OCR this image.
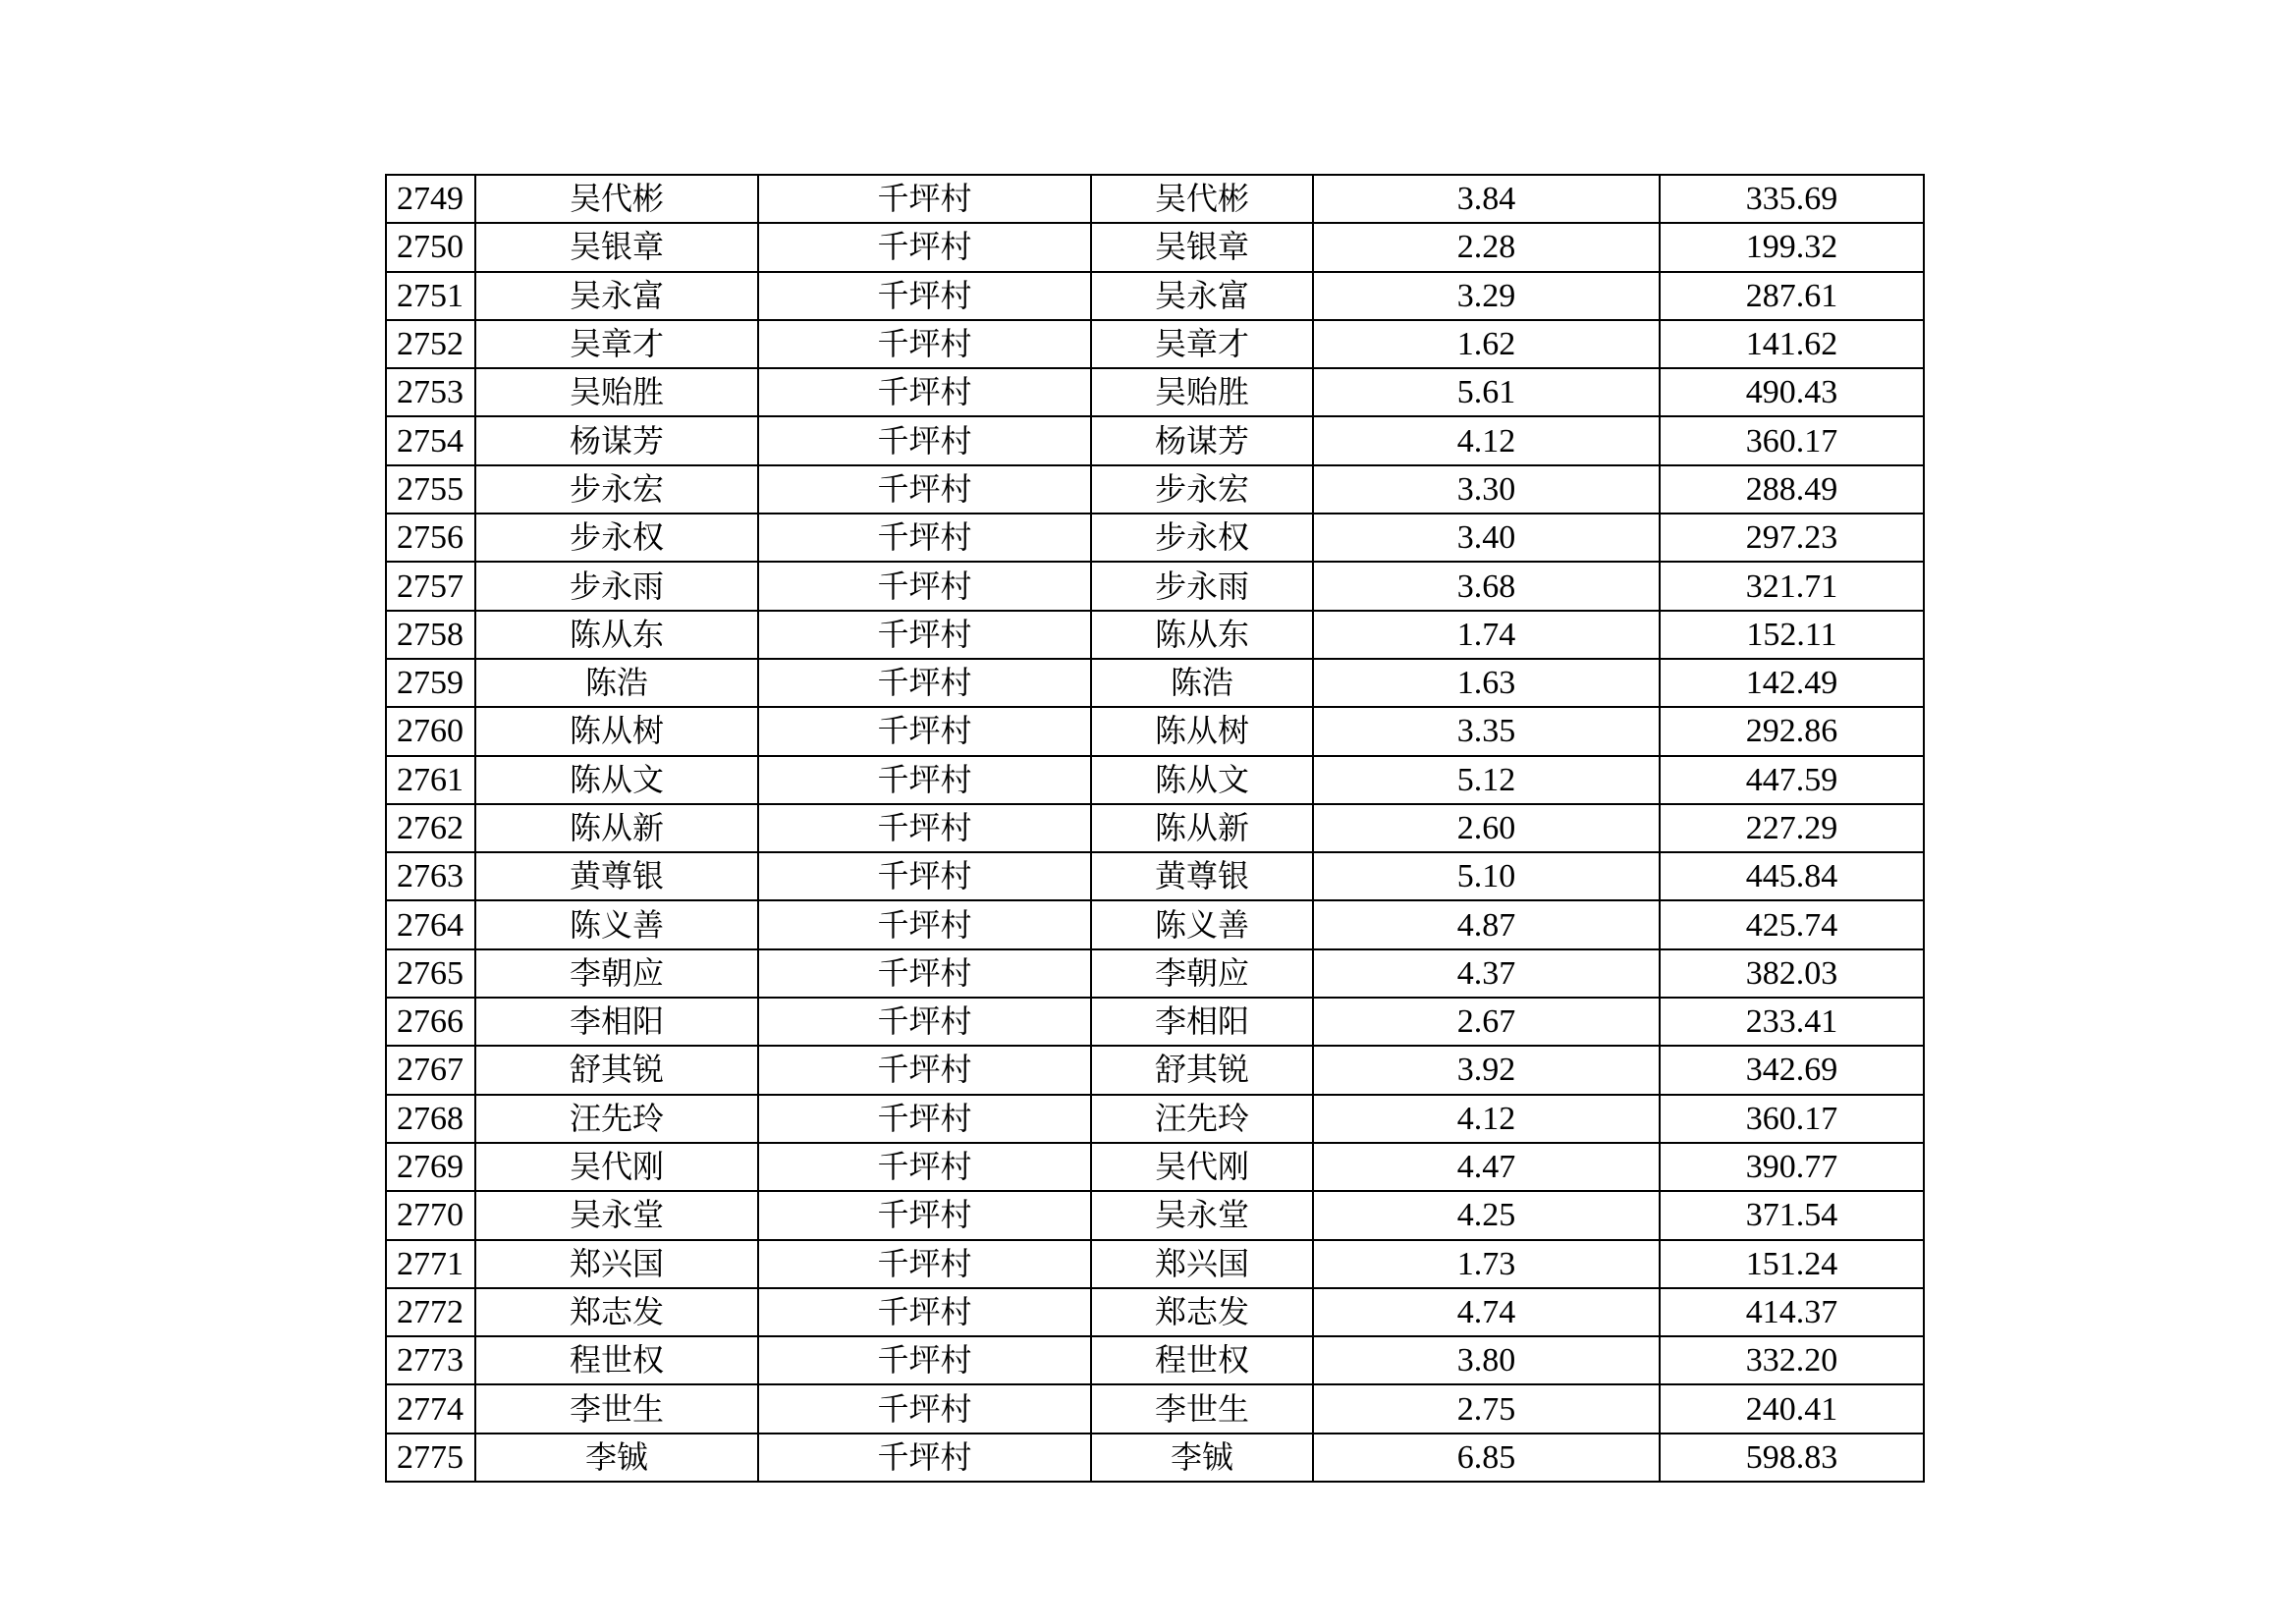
2749	吴代彬	千坪村	吴代彬	3.84	335.69
2750	吴银章	千坪村	吴银章	2.28	199.32
2751	吴永富	千坪村	吴永富	3.29	287.61
2752	吴章才	千坪村	吴章才	1.62	141.62
2753	吴贻胜	千坪村	吴贻胜	5.61	490.43
2754	杨谋芳	千坪村	杨谋芳	4.12	360.17
2755	步永宏	千坪村	步永宏	3.30	288.49
2756	步永权	千坪村	步永权	3.40	297.23
2757	步永雨	千坪村	步永雨	3.68	321.71
2758	陈从东	千坪村	陈从东	1.74	152.11
2759	陈浩	千坪村	陈浩	1.63	142.49
2760	陈从树	千坪村	陈从树	3.35	292.86
2761	陈从文	千坪村	陈从文	5.12	447.59
2762	陈从新	千坪村	陈从新	2.60	227.29
2763	黄尊银	千坪村	黄尊银	5.10	445.84
2764	陈义善	千坪村	陈义善	4.87	425.74
2765	李朝应	千坪村	李朝应	4.37	382.03
2766	李相阳	千坪村	李相阳	2.67	233.41
2767	舒其锐	千坪村	舒其锐	3.92	342.69
2768	汪先玲	千坪村	汪先玲	4.12	360.17
2769	吴代刚	千坪村	吴代刚	4.47	390.77
2770	吴永堂	千坪村	吴永堂	4.25	371.54
2771	郑兴国	千坪村	郑兴国	1.73	151.24
2772	郑志发	千坪村	郑志发	4.74	414.37
2773	程世权	千坪村	程世权	3.80	332.20
2774	李世生	千坪村	李世生	2.75	240.41
2775	李铖	千坪村	李铖	6.85	598.83
